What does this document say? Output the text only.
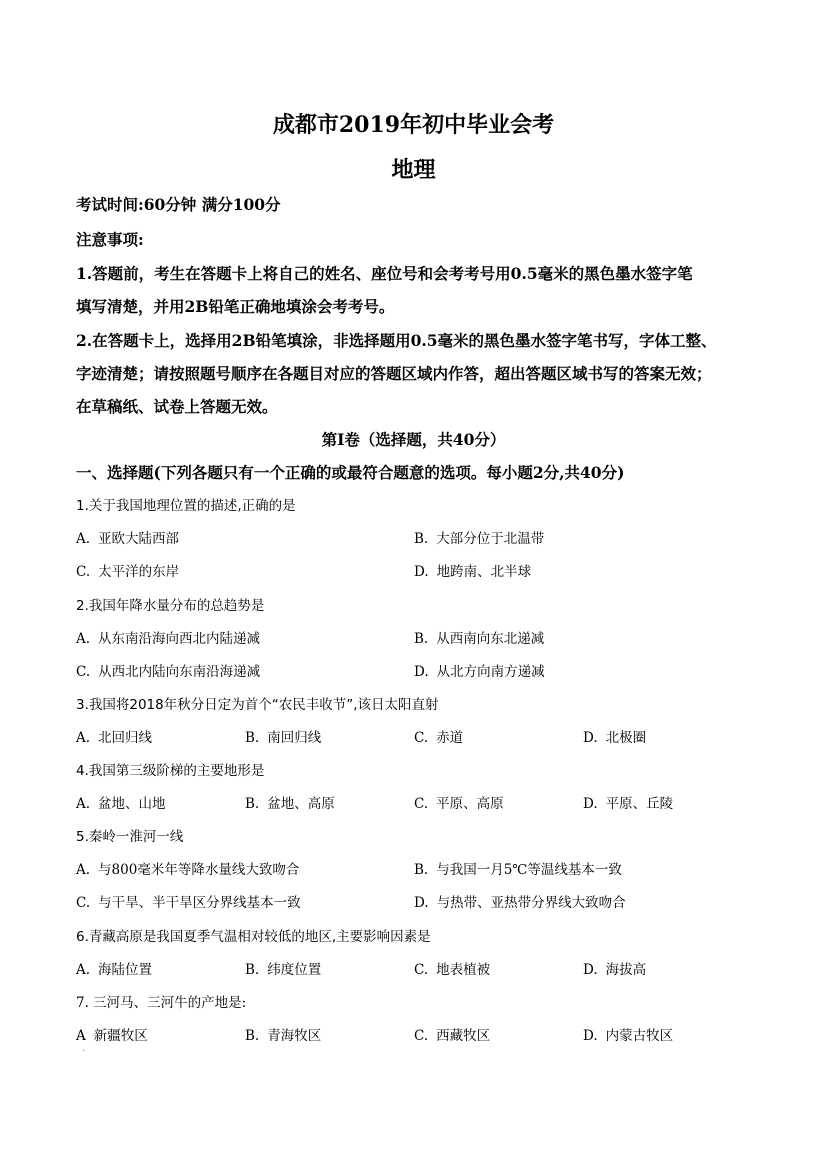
成都市2019年初中毕业会考
地理
考试时间:60分钟 满分100分
注意事项:
1.答题前，考生在答题卡上将自己的姓名、座位号和会考考号用0.5毫米的黑色墨水签字笔
填写清楚，并用2B铅笔正确地填涂会考考号。
2.在答题卡上，选择用2B铅笔填涂，非选择题用0.5毫米的黑色墨水签字笔书写，字体工整、
字迹清楚；请按照题号顺序在各题目对应的答题区域内作答，超出答题区域书写的答案无效；
在草稿纸、试卷上答题无效。
第Ⅰ卷（选择题，共40分）
一、选择题(下列各题只有一个正确的或最符合题意的选项。每小题2分,共40分)
1.关于我国地理位置的描述,正确的是
A. 亚欧大陆西部	B. 大部分位于北温带
C. 太平洋的东岸	D. 地跨南、北半球
2.我国年降水量分布的总趋势是
A. 从东南沿海向西北内陆递减	B. 从西南向东北递减
C. 从西北内陆向东南沿海递减	D. 从北方向南方递减
3.我国将2018年秋分日定为首个“农民丰收节”,该日太阳直射
A. 北回归线	B. 南回归线	C. 赤道	D. 北极圈
4.我国第三级阶梯的主要地形是
A. 盆地、山地	B. 盆地、高原	C. 平原、高原	D. 平原、丘陵
5.秦岭一淮河一线
A. 与800毫米年等降水量线大致吻合	B. 与我国一月5℃等温线基本一致
C. 与干旱、半干旱区分界线基本一致	D. 与热带、亚热带分界线大致吻合
6.青藏高原是我国夏季气温相对较低的地区,主要影响因素是
A. 海陆位置	B. 纬度位置	C. 地表植被	D. 海拔高
7. 三河马、三河牛的产地是:
A 新疆牧区	B. 青海牧区	C. 西藏牧区	D. 内蒙古牧区
·
